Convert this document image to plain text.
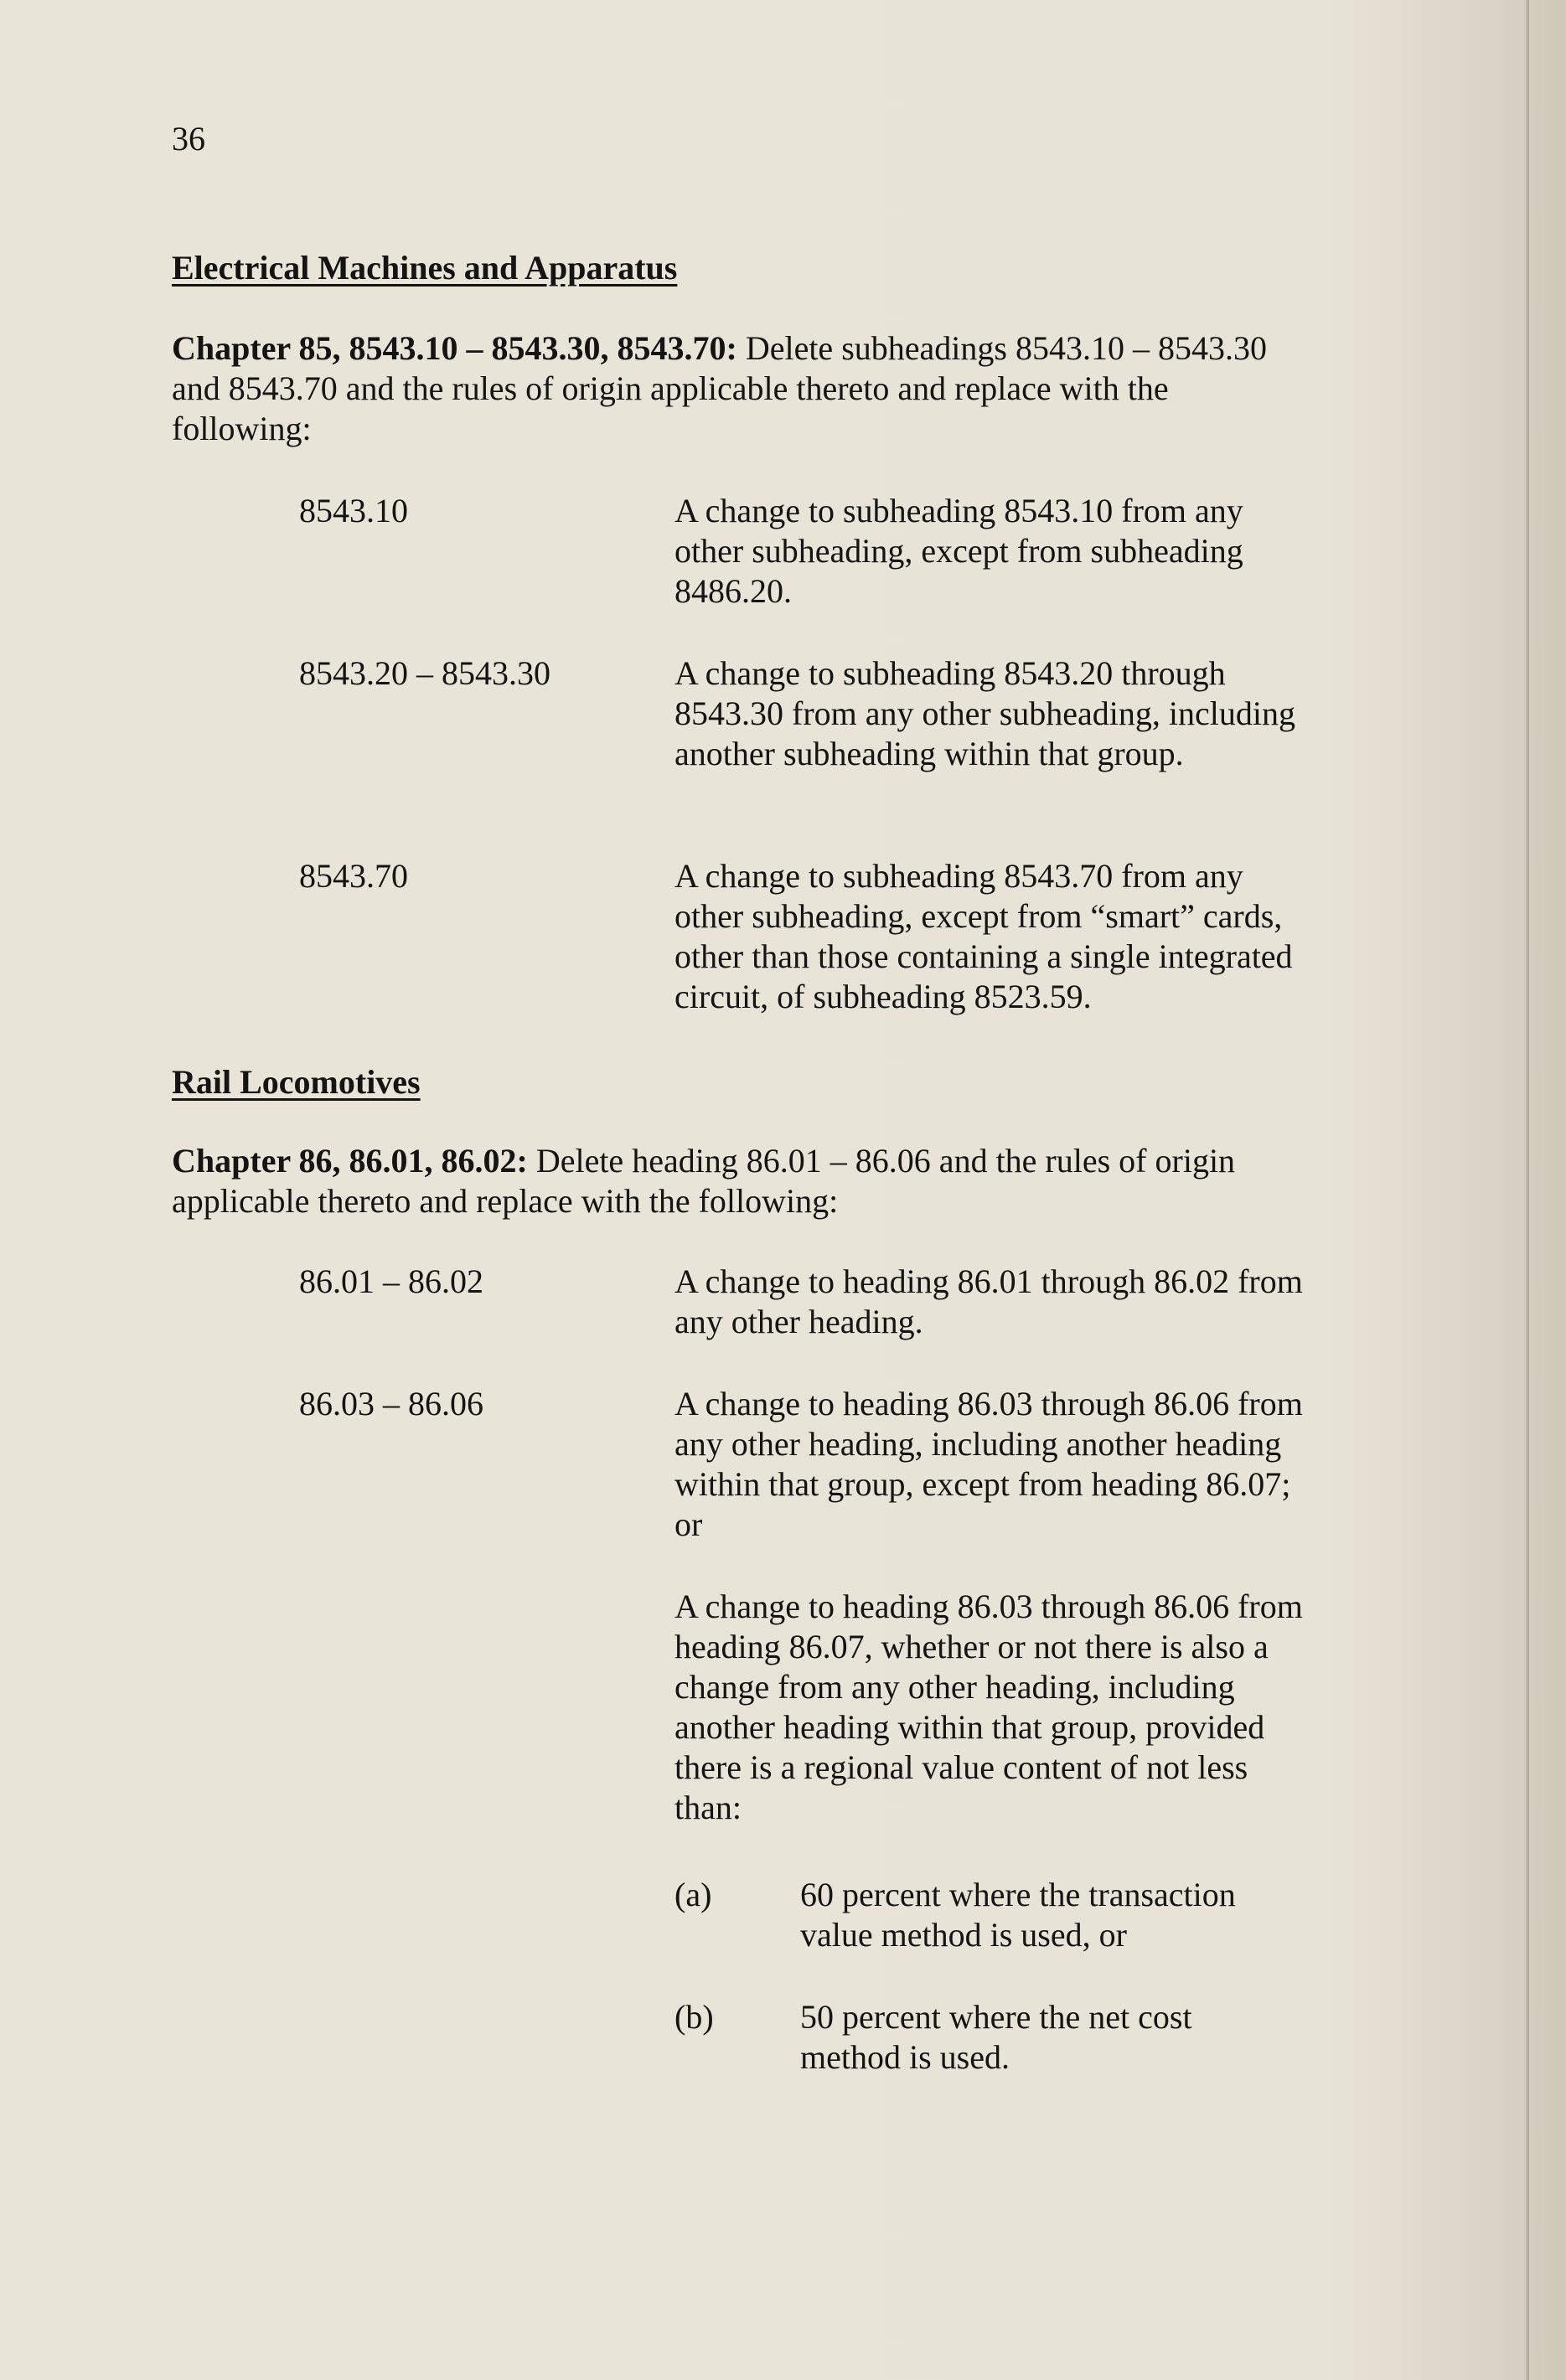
36
Electrical Machines and Apparatus
Chapter 85, 8543.10 – 8543.30, 8543.70: Delete subheadings 8543.10 – 8543.30 and 8543.70 and the rules of origin applicable thereto and replace with the following:
8543.10	A change to subheading 8543.10 from any other subheading, except from subheading 8486.20.
8543.20 – 8543.30	A change to subheading 8543.20 through 8543.30 from any other subheading, including another subheading within that group.
8543.70	A change to subheading 8543.70 from any other subheading, except from “smart” cards, other than those containing a single integrated circuit, of subheading 8523.59.
Rail Locomotives
Chapter 86, 86.01, 86.02: Delete heading 86.01 – 86.06 and the rules of origin applicable thereto and replace with the following:
86.01 – 86.02	A change to heading 86.01 through 86.02 from any other heading.
86.03 – 86.06	A change to heading 86.03 through 86.06 from any other heading, including another heading within that group, except from heading 86.07; or
A change to heading 86.03 through 86.06 from heading 86.07, whether or not there is also a change from any other heading, including another heading within that group, provided there is a regional value content of not less than:
(a)	60 percent where the transaction value method is used, or
(b)	50 percent where the net cost method is used.
